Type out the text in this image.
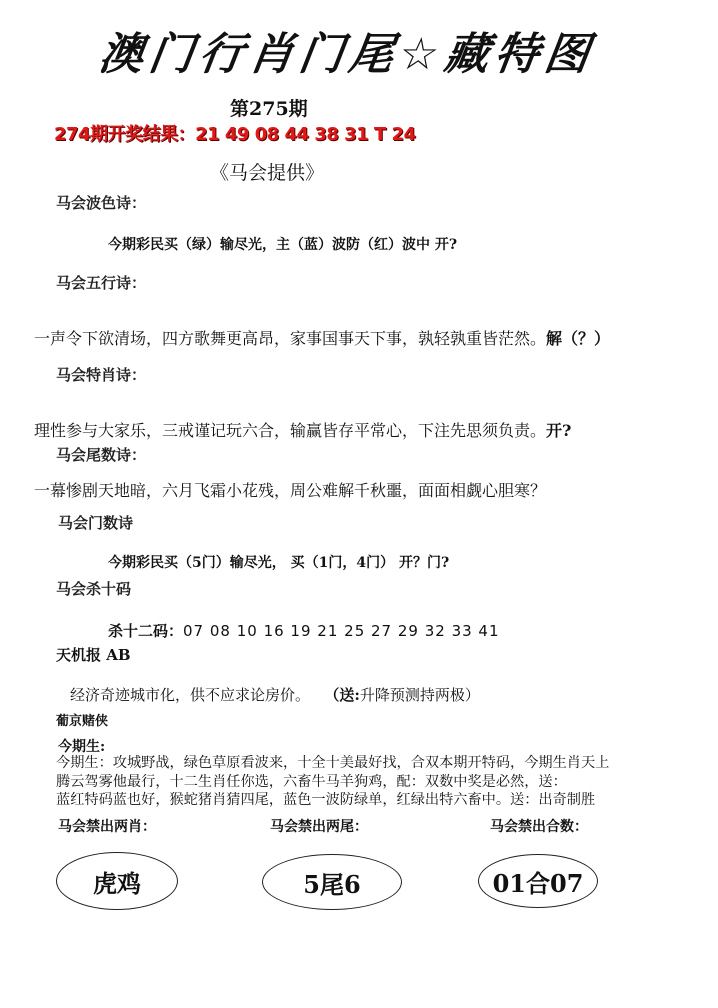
澳门行肖门尾☆藏特图
第275期
274期开奖结果：21 49 08 44 38 31 T 24
《马会提供》
马会波色诗：
今期彩民买（绿）输尽光，主（蓝）波防（红）波中 开?
马会五行诗：
一声令下欲清场，四方歌舞更高昂，家事国事天下事，孰轻孰重皆茫然。解（？）
马会特肖诗：
理性参与大家乐，三戒谨记玩六合，输赢皆存平常心，下注先思须负责。开?
马会尾数诗：
一幕惨剧天地暗，六月飞霜小花残，周公难解千秋噩，面面相觑心胆寒？
马会门数诗
今期彩民买（5门）输尽光， 买（1门，4门） 开？门?
马会杀十码
杀十二码：07 08 10 16 19 21 25 27 29 32 33 41
天机报 AB
经济奇迹城市化，供不应求论房价。 （送:升降预测持两极）
葡京赌侠
今期生:

今期生：攻城野战，绿色草原看波来，十全十美最好找，合双本期开特码，今期生肖天上

腾云驾雾他最行，十二生肖任你选，六畜牛马羊狗鸡，配：双数中奖是必然，送：

蓝红特码蓝也好，猴蛇猪肖猜四尾，蓝色一波防绿单，红绿出特六畜中。送：出奇制胜

马会禁出两肖：	马会禁出两尾：	马会禁出合数：
虎鸡	5尾6	01合07
